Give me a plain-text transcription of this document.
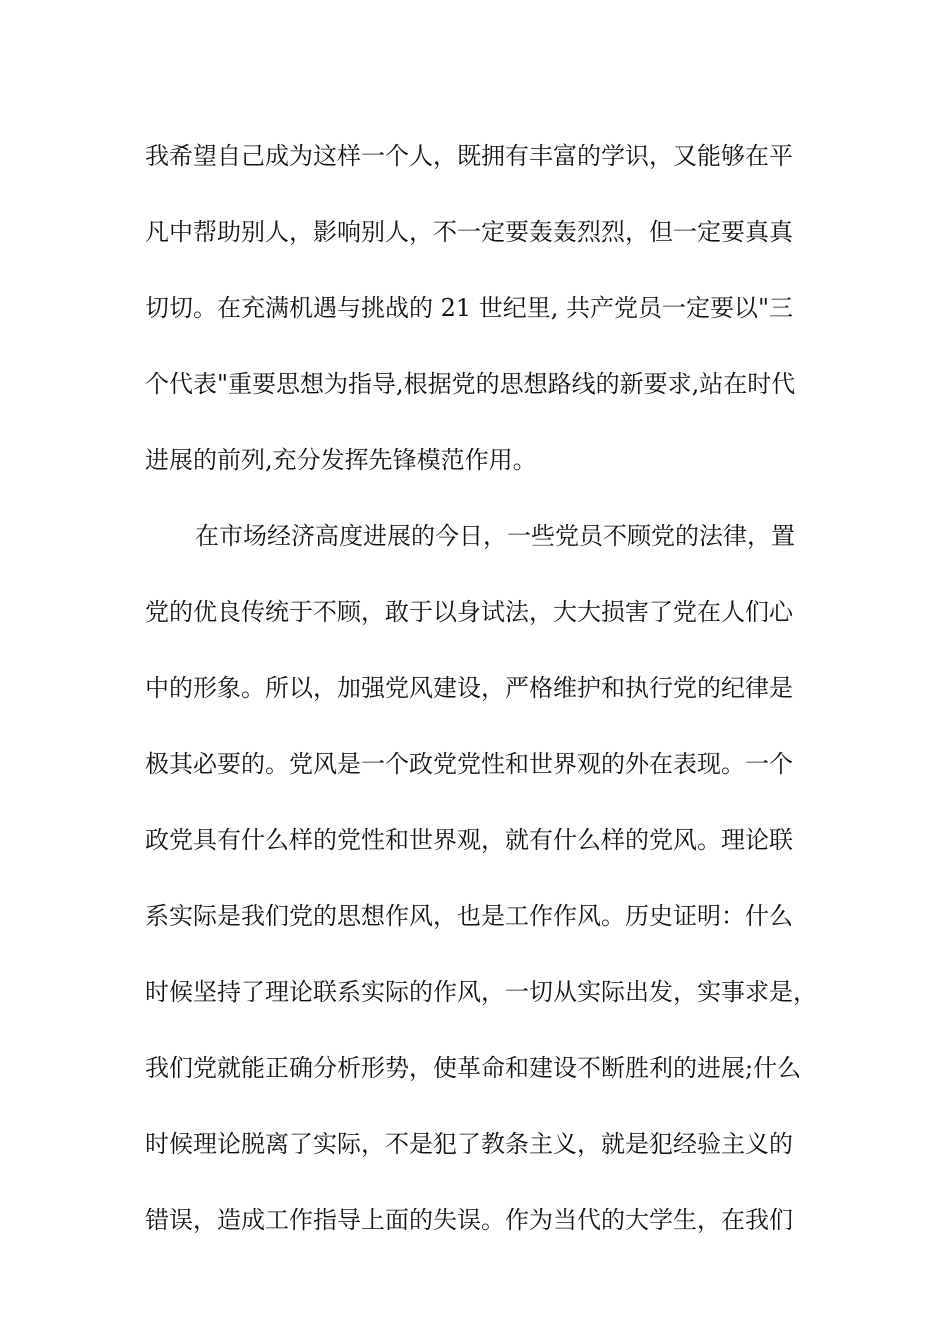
我希望自己成为这样一个人，既拥有丰富的学识，又能够在平
凡中帮助别人，影响别人，不一定要轰轰烈烈，但一定要真真
切切。在充满机遇与挑战的 21 世纪里, 共产党员一定要以"三
个代表"重要思想为指导,根据党的思想路线的新要求,站在时代
进展的前列,充分发挥先锋模范作用。
在市场经济高度进展的今日，一些党员不顾党的法律，置
党的优良传统于不顾，敢于以身试法，大大损害了党在人们心
中的形象。所以，加强党风建设，严格维护和执行党的纪律是
极其必要的。党风是一个政党党性和世界观的外在表现。一个
政党具有什么样的党性和世界观，就有什么样的党风。理论联
系实际是我们党的思想作风，也是工作作风。历史证明：什么
时候坚持了理论联系实际的作风，一切从实际出发，实事求是，
我们党就能正确分析形势，使革命和建设不断胜利的进展;什么
时候理论脱离了实际，不是犯了教条主义，就是犯经验主义的
错误，造成工作指导上面的失误。作为当代的大学生，在我们
